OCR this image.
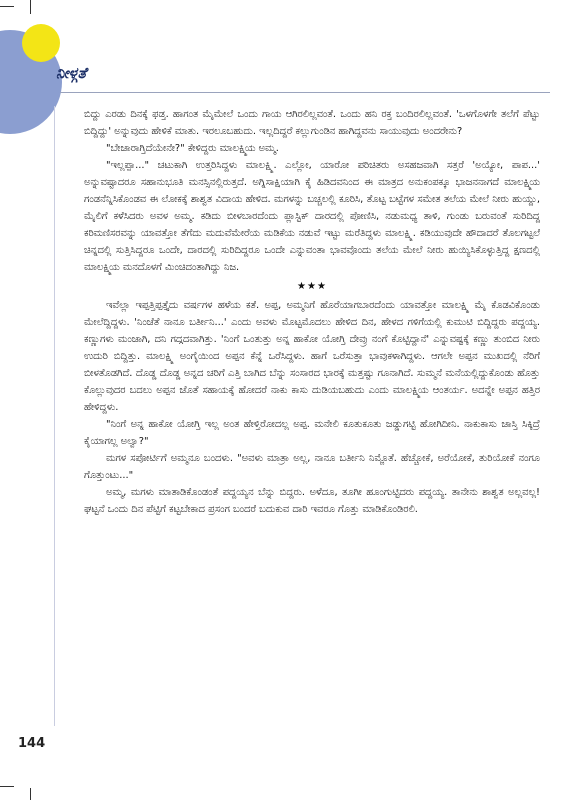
ನೀಳ್ಗತೆ

ಬಿದ್ದು ಎರಡು ದಿನಕ್ಕೆ ಫಡ್ತ. ಹಾಗಂತ ಮೈಮೇಲೆ ಒಂದು ಗಾಯ ಆಗಿರಲಿಲ್ಲವಂತೆ. ಒಂದು ಹನಿ ರಕ್ತ ಬಂದಿರಲಿಲ್ಲವಂತೆ. 'ಒಳಗೊಳಗೇ ತಲೆಗೆ ಪೆಟ್ಟು ಬಿದ್ದಿದ್ದು' ಅನ್ನುವುದು ಹೇಳಿಕೆ ಮಾತು. ಇರಲೂಬಹುದು. ಇಲ್ಲದಿದ್ದರೆ ಕಲ್ಲುಗುಂಡಿನ ಹಾಗಿದ್ದವನು ಸಾಯುವುದು ಅಂದರೇನು?

"ಬೇಜಾರಾಗ್ತಿದೆಯೇನೇ?" ಕೇಳಿದ್ದರು ಮಾಲಕ್ಷ್ಮಿಯ ಅಮ್ಮ.

"ಇಲ್ಲಪ್ಪಾ..." ಚಟುಕಾಗಿ ಉತ್ತರಿಸಿದ್ದಳು ಮಾಲಕ್ಷ್ಮಿ. ಎಲ್ಲೋ, ಯಾರೋ ಪರಿಚಿತರು ಅಸಹಜವಾಗಿ ಸತ್ತರೆ 'ಅಯ್ಯೋ, ಪಾಪ...' ಅನ್ನುವಷ್ಟಾದರೂ ಸಹಾನುಭೂತಿ ಮನಸ್ಸಿನಲ್ಲಿರುತ್ತದೆ. ಅಗ್ನಿಸಾಕ್ಷಿಯಾಗಿ ಕೈ ಹಿಡಿದವನಿಂದ ಈ ಮಾತ್ರದ ಅನುಕಂಪಕ್ಕೂ ಭಾಜನನಾಗದೆ ಮಾಲಕ್ಷ್ಮಿಯ ಗಂಡನೆನ್ನಿಸಿಕೊಂಡವ ಈ ಲೋಕಕ್ಕೆ ಶಾಶ್ವತ ವಿದಾಯ ಹೇಳಿದ. ಮಗಳನ್ನು ಬಚ್ಚಲಲ್ಲಿ ಕೂರಿಸಿ, ತೊಟ್ಟ ಬಟ್ಟೆಗಳ ಸಮೇತ ತಲೆಯ ಮೇಲೆ ನೀರು ಹುಯ್ದು, ಮೈಲಿಗೆ ಕಳೆಸಿದರು ಅವಳ ಅಮ್ಮ. ಕಡಿದು ಬೀಳಬಾರದೆಂದು ಪ್ಲಾಸ್ಟಿಕ್ ದಾರದಲ್ಲಿ ಪೋಣಿಸಿ, ನಡುಮಧ್ಯ ತಾಳಿ, ಗುಂಡು ಬರುವಂತೆ ಸುರಿದಿದ್ದ ಕರಿಮಣಿಸರವನ್ನು ಯಾವತ್ತೋ ತೆಗೆದು ಮದುವೆಮೇರೆಯ ಮಡಿಕೆಯ ನಡುವೆ ಇಟ್ಟು ಮರೆತಿದ್ದಳು ಮಾಲಕ್ಷ್ಮಿ. ಕಡಿಯುವುದೇ ಹೌದಾದರೆ ತೊಲಗಟ್ಟಲೆ ಚಿನ್ನದಲ್ಲಿ ಸುತ್ತಿಸಿದ್ದರೂ ಒಂದೇ, ದಾರದಲ್ಲಿ ಸುರಿದಿದ್ದರೂ ಒಂದೇ ಎನ್ನುವಂತಾ ಭಾವವೊಂದು ತಲೆಯ ಮೇಲೆ ನೀರು ಹುಯ್ಯಿಸಿಕೊಳ್ಳುತ್ತಿದ್ದ ಕ್ಷಣದಲ್ಲಿ ಮಾಲಕ್ಷ್ಮಿಯ ಮನದೊಳಗೆ ಮಿಂಚಿದಂತಾಗಿದ್ದು ನಿಜ.

★★★

ಇವೆಲ್ಲಾ ಇಪ್ಪತ್ತಿಪ್ಪತ್ತೈದು ವರ್ಷಗಳ ಹಳೆಯ ಕತೆ. ಅಪ್ಪ, ಅಮ್ಮನಿಗೆ ಹೊರೆಯಾಗಬಾರದೆಂದು ಯಾವತ್ತೋ ಮಾಲಕ್ಷ್ಮಿ ಮೈ ಕೊಡವಿಕೊಂಡು ಮೇಲೆದ್ದಿದ್ದಳು. 'ನಿಂಜೆತೆ ನಾನೂ ಬರ್ತೀನಿ...' ಎಂದು ಅವಳು ಮೊಟ್ಟಮೊದಲು ಹೇಳಿದ ದಿನ, ಹೇಳದ ಗಳಿಗೆಯಲ್ಲಿ ಕುಮುಟಿ ಬಿದ್ದಿದ್ದರು ಪದ್ದಯ್ಯ. ಕಣ್ಣುಗಳು ಮಂಜಾಗಿ, ದನಿ ಗದ್ಗದವಾಗಿತ್ತು. 'ನಿಂಗೆ ಒಂತುತ್ತು ಅನ್ನ ಹಾಕೋ ಯೋಗ್ತಿ ದೇವ್ರು ನಂಗೆ ಕೊಟ್ಟಿದ್ದಾನೆ' ಎನ್ನುವಷ್ಟಕ್ಕೆ ಕಣ್ಣು ತುಂಬಿದ ನೀರು ಉದುರಿ ಬಿದ್ದಿತ್ತು. ಮಾಲಕ್ಷ್ಮಿ ಅಂಗೈಯಿಂದ ಅಪ್ಪನ ಕೆನ್ನೆ ಒರೆಸಿದ್ದಳು. ಹಾಗೆ ಒರೆಸುತ್ತಾ ಭಾವುಕಳಾಗಿದ್ದಳು. ಆಗಲೇ ಅಪ್ಪನ ಮುಖದಲ್ಲಿ ನೆರಿಗೆ ಬೀಳತೊಡಗಿದೆ. ದೊಡ್ಡ ದೊಡ್ಡ ಅನ್ನದ ಚರಿಗೆ ಎತ್ತಿ ಬಾಗಿದ ಬೆನ್ನು ಸಂಸಾರದ ಭಾರಕ್ಕೆ ಮತ್ತಷ್ಟು ಗೂನಾಗಿದೆ. ಸುಮ್ಮನೆ ಮನೆಯಲ್ಲಿದ್ದುಕೊಂಡು ಹೊತ್ತು ಕೊಲ್ಲುವುದರ ಬದಲು ಅಪ್ಪನ ಜೊತೆ ಸಹಾಯಕ್ಕೆ ಹೋದರೆ ನಾಕು ಕಾಸು ದುಡಿಯಬಹುದು ಎಂದು ಮಾಲಕ್ಷ್ಮಿಯ ಆಂತರ್ಯ. ಅದನ್ನೇ ಅಪ್ಪನ ಹತ್ತಿರ ಹೇಳಿದ್ದಳು.

"ನಿಂಗೆ ಅನ್ನ ಹಾಕೋ ಯೋಗ್ತಿ ಇಲ್ಲ ಅಂತ ಹೇಳ್ತಿರೋದಲ್ಲ ಅಪ್ಪ. ಮನೇಲಿ ಕೂತುಕೂತು ಜಡ್ಡುಗಟ್ಟಿ ಹೋಗಿದೀನಿ. ನಾಕುಕಾಸು ಜಾಸ್ತಿ ಸಿಕ್ಕಿದ್ರೆ ಕೈಯಾಗಲ್ಲ ಅಲ್ವಾ?"

ಮಗಳ ಸಪೋರ್ಟಿಗೆ ಅಮ್ಮನೂ ಬಂದಳು. "ಅವಳು ಮಾತ್ರಾ ಅಲ್ಲ, ನಾನೂ ಬರ್ತೀನಿ ನಿಮ್ಜೊತೆ. ಹೆಚ್ಚೋಕೆ, ಅರೆಯೋಕೆ, ತುರಿಯೋಕೆ ನಂಗೂ ಗೊತ್ತುಂಟು..."

ಅಮ್ಮ, ಮಗಳು ಮಾತಾಡಿಕೊಂಡಂತೆ ಪದ್ದಯ್ಯನ ಬೆನ್ನು ಬಿದ್ದರು. ಅಳೆದೂ, ತೂಗೀ ಹೂಂಗುಟ್ಟಿದರು ಪದ್ದಯ್ಯ. ತಾನೇನು ಶಾಶ್ವತ ಅಲ್ಲವಲ್ಲ! ಘಟ್ಟನೆ ಒಂದು ದಿನ ಪೆಟ್ಟಿಗೆ ಕಟ್ಟಬೇಕಾದ ಪ್ರಸಂಗ ಬಂದರೆ ಬದುಕುವ ದಾರಿ ಇವರೂ ಗೊತ್ತು ಮಾಡಿಕೊಂಡಿರಲಿ.

144
